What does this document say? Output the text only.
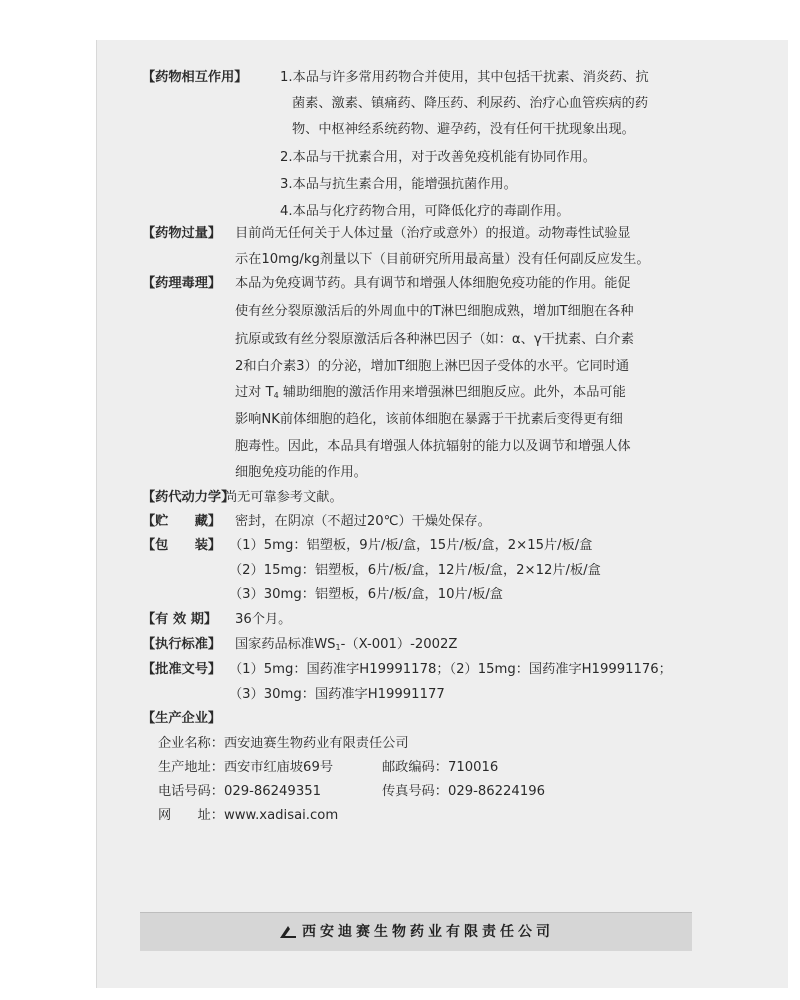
【药物相互作用】 1.本品与许多常用药物合并使用，其中包括干扰素、消炎药、抗
菌素、激素、镇痛药、降压药、利尿药、治疗心血管疾病的药
物、中枢神经系统药物、避孕药，没有任何干扰现象出现。
2.本品与干扰素合用，对于改善免疫机能有协同作用。
3.本品与抗生素合用，能增强抗菌作用。
4.本品与化疗药物合用，可降低化疗的毒副作用。
【药物过量】 目前尚无任何关于人体过量（治疗或意外）的报道。动物毒性试验显
示在10mg/kg剂量以下（目前研究所用最高量）没有任何副反应发生。
【药理毒理】 本品为免疫调节药。具有调节和增强人体细胞免疫功能的作用。能促
使有丝分裂原激活后的外周血中的T淋巴细胞成熟，增加T细胞在各种
抗原或致有丝分裂原激活后各种淋巴因子（如：α、γ干扰素、白介素
2和白介素3）的分泌，增加T细胞上淋巴因子受体的水平。它同时通
过对 $T_4$ 辅助细胞的激活作用来增强淋巴细胞反应。此外，本品可能
影响NK前体细胞的趋化，该前体细胞在暴露于干扰素后变得更有细
胞毒性。因此，本品具有增强人体抗辐射的能力以及调节和增强人体
细胞免疫功能的作用。
【药代动力学】
尚无可靠参考文献。
【贮　　藏】 密封，在阴凉（不超过20℃）干燥处保存。
【包　　装】 （1）5mg：铝塑板，9片/板/盒，15片/板/盒，2×15片/板/盒
（2）15mg：铝塑板，6片/板/盒，12片/板/盒，2×12片/板/盒
（3）30mg：铝塑板，6片/板/盒，10片/板/盒
【有 效 期】 36个月。
【执行标准】 国家药品标准$WS_1-(X-001)-2002Z$
【批准文号】 （1）5mg：国药准字H19991178；（2）15mg：国药准字H19991176；
（3）30mg：国药准字H19991177
【生产企业】
企业名称：西安迪赛生物药业有限责任公司
生产地址：西安市红庙坡69号	邮政编码：710016
电话号码：029-86249351	传真号码：029-86224196
网　　址：www.xadisai.com
西安迪赛生物药业有限责任公司
